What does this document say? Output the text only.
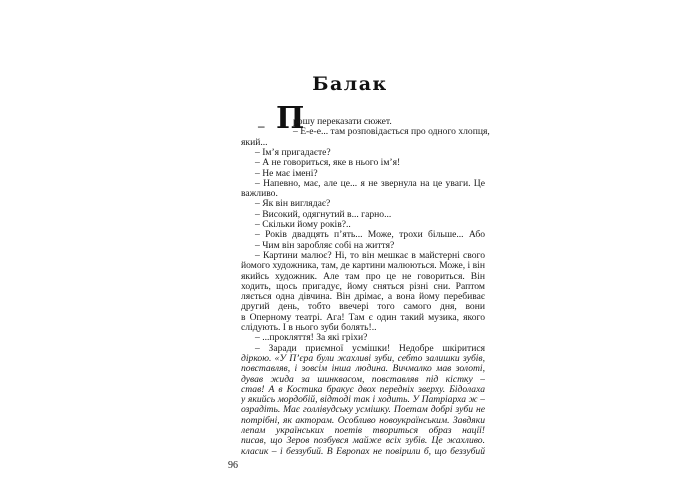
Балак
– П
рошу переказати сюжет.
– Е-е-е... там розповідається про одного хлопця,
який...
– Ім’я пригадаєте?
– А не говориться, яке в нього ім’я!
– Не має імені?
– Напевно, має, але це... я не звернула на це уваги. Це
важливо.
– Як він виглядає?
– Високий, одягнутий в... гарно...
– Скільки йому років?..
– Років двадцять п’ять... Може, трохи більше... Або
– Чим він заробляє собі на життя?
– Картини малює? Ні, то він мешкає в майстерні свого
йомого художника, там, де картини малюються. Може, і він
якийсь художник. Але там про це не говориться. Він
ходить, щось пригадує, йому сняться різні сни. Раптом
ляється одна дівчина. Він дрімає, а вона йому перебиває
другий день, тобто ввечері того самого дня, вони
в Оперному театрі. Ага! Там є один такий музика, якого
слідують. І в нього зуби болять!..
– ...прокляття! За які гріхи?
– Заради приємної усмішки! Недобре шкіритися
діркою. «У П’єра були жахливі зуби, себто залишки зубів,
повставляв, і зовсім інша людина. Вичмалко мав золоті,
дував жида за шинквасом, повставляв під кістку –
став! А в Костика бракує двох передніх зверху. Бідолаха
у якийсь мордобій, відтоді так і ходить. У Патріарха ж –
озрадіть. Має голлівудську усмішку. Поетам добрі зуби не
потрібні, як акторам. Особливо новоукраїнським. Завдяки
лепам українських поетів твориться образ нації!
писав, що Зеров позбувся майже всіх зубів. Це жахливо.
класик – і беззубий. В Европах не повірили б, що беззубий
96
